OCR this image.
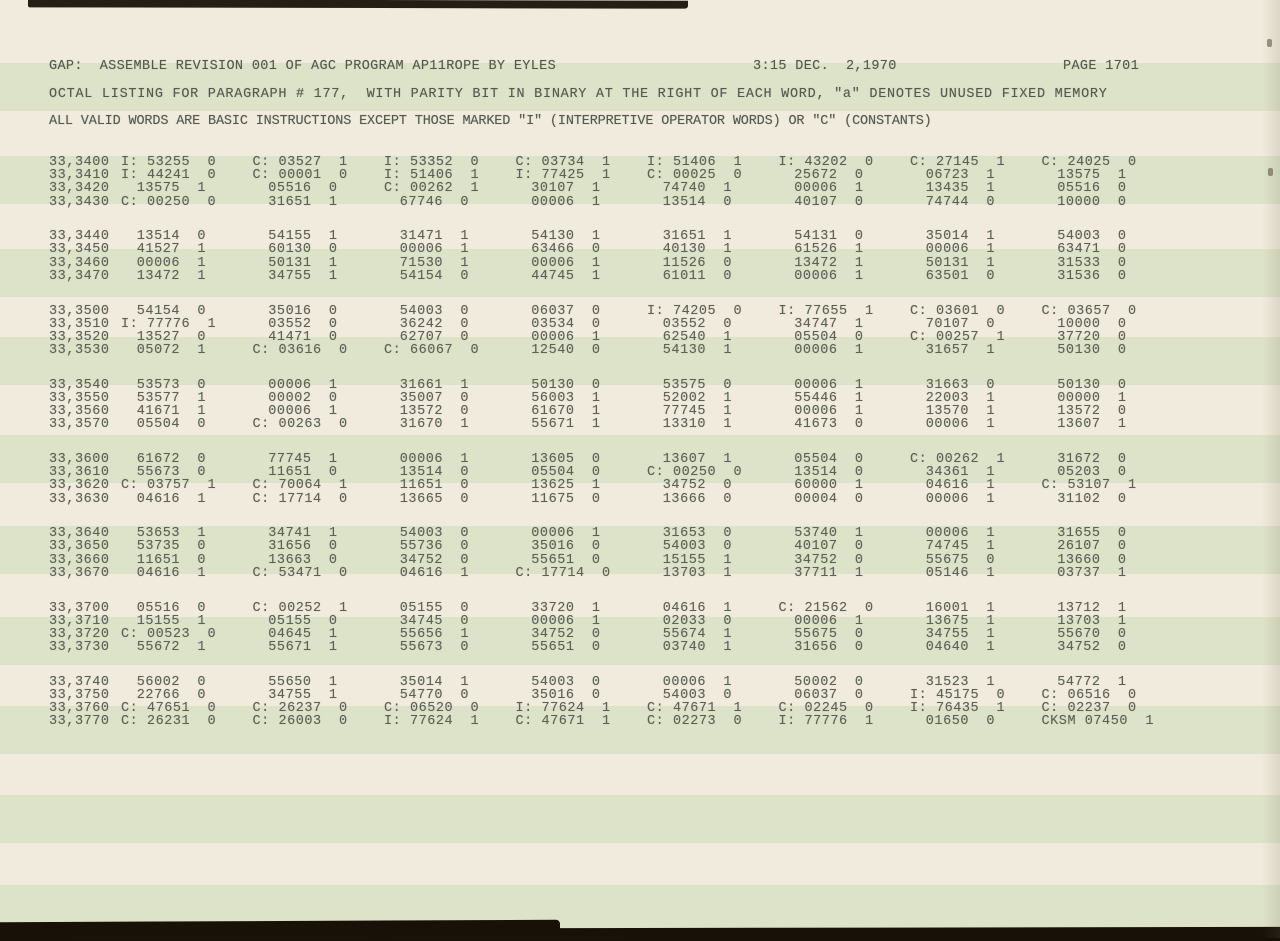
GAP:  ASSEMBLE REVISION 001 OF AGC PROGRAM AP11ROPE BY EYLES	3:15 DEC.  2,1970	PAGE 1701
OCTAL LISTING FOR PARAGRAPH # 177,  WITH PARITY BIT IN BINARY AT THE RIGHT OF EACH WORD, "a" DENOTES UNUSED FIXED MEMORY
ALL VALID WORDS ARE BASIC INSTRUCTIONS EXCEPT THOSE MARKED "I" (INTERPRETIVE OPERATOR WORDS) OR "C" (CONSTANTS)
33,3400 I: 53255  0	C: 03527  1	I: 53352  0	C: 03734  1	I: 51406  1	I: 43202  0	C: 27145  1	C: 24025  0
33,3410 I: 44241  0	C: 00001  0	I: 51406  1	I: 77425  1	C: 00025  0	25672  0	06723  1	13575  1
33,3420	13575  1	05516  0	C: 00262  1	30107  1	74740  1	00006  1	13435  1	05516  0
33,3430 C: 00250  0	31651  1	67746  0	00006  1	13514  0	40107  0	74744  0	10000  0
33,3440	13514  0	54155  1	31471  1	54130  1	31651  1	54131  0	35014  1	54003  0
33,3450	41527  1	60130  0	00006  1	63466  0	40130  1	61526  1	00006  1	63471  0
33,3460	00006  1	50131  1	71530  1	00006  1	11526  0	13472  1	50131  1	31533  0
33,3470	13472  1	34755  1	54154  0	44745  1	61011  0	00006  1	63501  0	31536  0
33,3500	54154  0	35016  0	54003  0	06037  0	I: 74205  0	I: 77655  1	C: 03601  0	C: 03657  0
33,3510 I: 77776  1	03552  0	36242  0	03534  0	03552  0	34747  1	70107  0	10000  0
33,3520	13527  0	41471  0	62707  0	00006  1	62540  1	05504  0	C: 00257  1	37720  0
33,3530	05072  1	C: 03616  0	C: 66067  0	12540  0	54130  1	00006  1	31657  1	50130  0
33,3540	53573  0	00006  1	31661  1	50130  0	53575  0	00006  1	31663  0	50130  0
33,3550	53577  1	00002  0	35007  0	56003  1	52002  1	55446  1	22003  1	00000  1
33,3560	41671  1	00006  1	13572  0	61670  1	77745  1	00006  1	13570  1	13572  0
33,3570	05504  0	C: 00263  0	31670  1	55671  1	13310  1	41673  0	00006  1	13607  1
33,3600	61672  0	77745  1	00006  1	13605  0	13607  1	05504  0	C: 00262  1	31672  0
33,3610	55673  0	11651  0	13514  0	05504  0	C: 00250  0	13514  0	34361  1	05203  0
33,3620 C: 03757  1	C: 70064  1	11651  0	13625  1	34752  0	60000  1	04616  1	C: 53107  1
33,3630	04616  1	C: 17714  0	13665  0	11675  0	13666  0	00004  0	00006  1	31102  0
33,3640	53653  1	34741  1	54003  0	00006  1	31653  0	53740  1	00006  1	31655  0
33,3650	53735  0	31656  0	55736  0	35016  0	54003  0	40107  0	74745  1	26107  0
33,3660	11651  0	13663  0	34752  0	55651  0	15155  1	34752  0	55675  0	13660  0
33,3670	04616  1	C: 53471  0	04616  1	C: 17714  0	13703  1	37711  1	05146  1	03737  1
33,3700	05516  0	C: 00252  1	05155  0	33720  1	04616  1	C: 21562  0	16001  1	13712  1
33,3710	15155  1	05155  0	34745  0	00006  1	02033  0	00006  1	13675  1	13703  1
33,3720 C: 00523  0	04645  1	55656  1	34752  0	55674  1	55675  0	34755  1	55670  0
33,3730	55672  1	55671  1	55673  0	55651  0	03740  1	31656  0	04640  1	34752  0
33,3740	56002  0	55650  1	35014  1	54003  0	00006  1	50002  0	31523  1	54772  1
33,3750	22766  0	34755  1	54770  0	35016  0	54003  0	06037  0	I: 45175  0	C: 06516  0
33,3760 C: 47651  0	C: 26237  0	C: 06520  0	I: 77624  1	C: 47671  1	C: 02245  0	I: 76435  1	C: 02237  0
33,3770 C: 26231  0	C: 26003  0	I: 77624  1	C: 47671  1	C: 02273  0	I: 77776  1	01650  0	CKSM 07450  1
